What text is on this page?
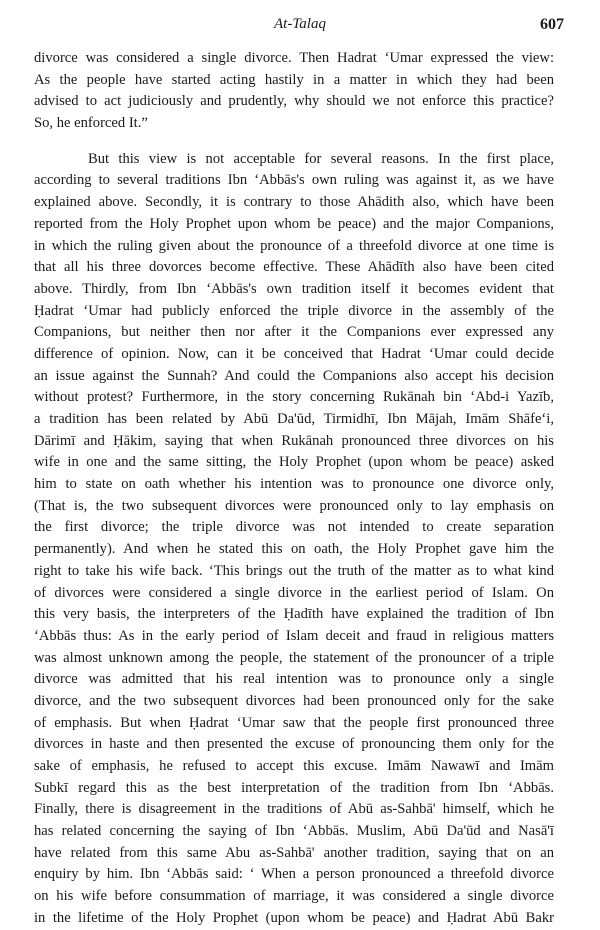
At-Talaq	607
divorce was considered a single divorce. Then Hadrat ‘Umar expressed the view:
As the people have started acting hastily in a matter in which they had been
advised to act judiciously and prudently, why should we not enforce this practice?
So, he enforced It.”
But this view is not acceptable for several reasons. In the first place,
according to several traditions Ibn ‘Abbās's own ruling was against it, as we have
explained above. Secondly, it is contrary to those Ahādith also, which have been
reported from the Holy Prophet upon whom be peace) and the major Companions,
in which the ruling given about the pronounce of a threefold divorce at one time is
that all his three dovorces become effective. These Ahādīth also have been cited
above. Thirdly, from Ibn ‘Abbās's own tradition itself it becomes evident that
Ḥadrat ‘Umar had publicly enforced the triple divorce in the assembly of the
Companions, but neither then nor after it the Companions ever expressed any
difference of opinion. Now, can it be conceived that Hadrat ‘Umar could decide
an issue against the Sunnah? And could the Companions also accept his decision
without protest? Furthermore, in the story concerning Rukānah bin ‘Abd-i Yazīb,
a tradition has been related by Abū Da'ūd, Tirmidhī, Ibn Mājah, Imām Shāfe‘i,
Dārimī and Ḥākim, saying that when Rukānah pronounced three divorces on his
wife in one and the same sitting, the Holy Prophet (upon whom be peace) asked
him to state on oath whether his intention was to pronounce one divorce only,
(That is, the two subsequent divorces were pronounced only to lay emphasis on
the first divorce; the triple divorce was not intended to create separation
permanently). And when he stated this on oath, the Holy Prophet gave him the
right to take his wife back. ‘This brings out the truth of the matter as to what kind
of divorces were considered a single divorce in the earliest period of Islam. On
this very basis, the interpreters of the Ḥadīth have explained the tradition of Ibn
‘Abbās thus: As in the early period of Islam deceit and fraud in religious matters
was almost unknown among the people, the statement of the pronouncer of a triple
divorce was admitted that his real intention was to pronounce only a single
divorce, and the two subsequent divorces had been pronounced only for the sake
of emphasis. But when Ḥadrat ‘Umar saw that the people first pronounced three
divorces in haste and then presented the excuse of pronouncing them only for the
sake of emphasis, he refused to accept this excuse. Imām Nawawī and Imām
Subkī regard this as the best interpretation of the tradition from Ibn ‘Abbās.
Finally, there is disagreement in the traditions of Abū as-Sahbā' himself, which he
has related concerning the saying of Ibn ‘Abbās. Muslim, Abū Da'ūd and Nasā'ī
have related from this same Abu as-Sahbā' another tradition, saying that on an
enquiry by him. Ibn ‘Abbās said: ‘ When a person pronounced a threefold divorce
on his wife before consummation of marriage, it was considered a single divorce
in the lifetime of the Holy Prophet (upon whom be peace) and Ḥadrat Abū Bakr
